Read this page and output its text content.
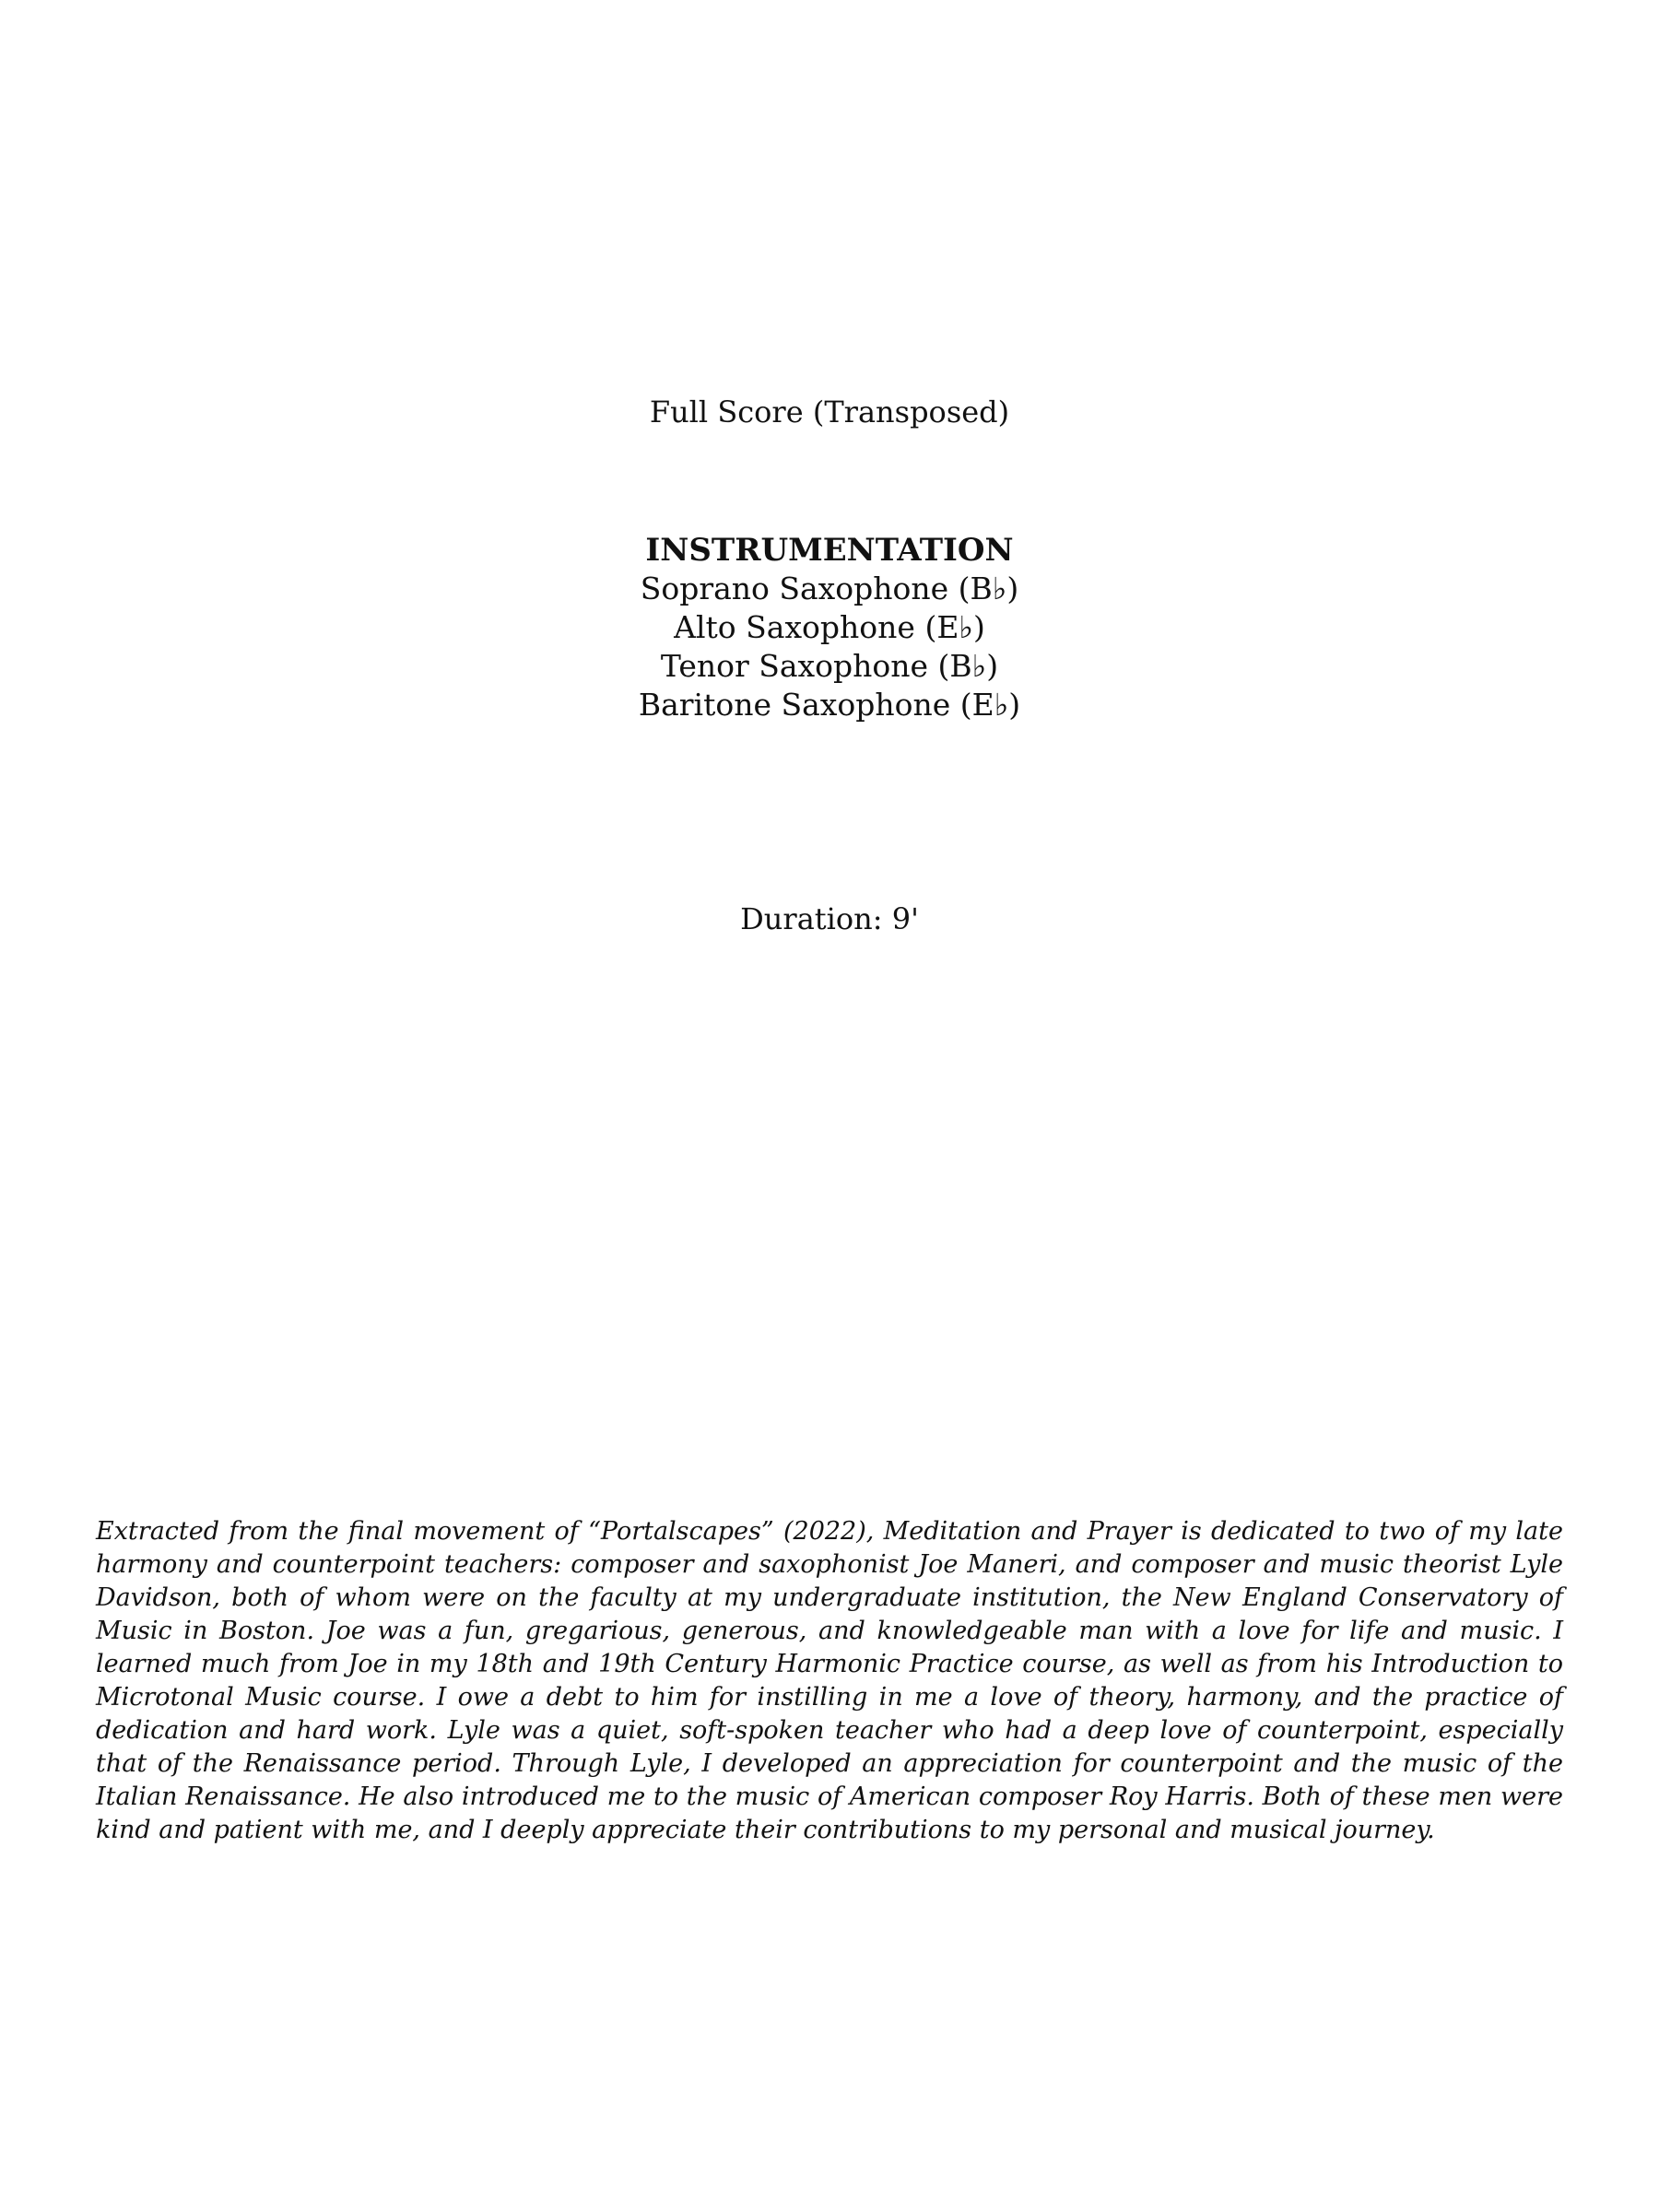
Full Score (Transposed)
INSTRUMENTATION
Soprano Saxophone (B♭)
Alto Saxophone (E♭)
Tenor Saxophone (B♭)
Baritone Saxophone (E♭)
Duration: 9'

Extracted from the final movement of “Portalscapes” (2022), Meditation and Prayer is dedicated to two of my late harmony and counterpoint teachers: composer and saxophonist Joe Maneri, and composer and music theorist Lyle Davidson, both of whom were on the faculty at my undergraduate institution, the New England Conservatory of Music in Boston. Joe was a fun, gregarious, generous, and knowledgeable man with a love for life and music. I learned much from Joe in my 18th and 19th Century Harmonic Practice course, as well as from his Introduction to Microtonal Music course. I owe a debt to him for instilling in me a love of theory, harmony, and the practice of dedication and hard work. Lyle was a quiet, soft-spoken teacher who had a deep love of counterpoint, especially that of the Renaissance period. Through Lyle, I developed an appreciation for counterpoint and the music of the Italian Renaissance. He also introduced me to the music of American composer Roy Harris. Both of these men were kind and patient with me, and I deeply appreciate their contributions to my personal and musical journey.
